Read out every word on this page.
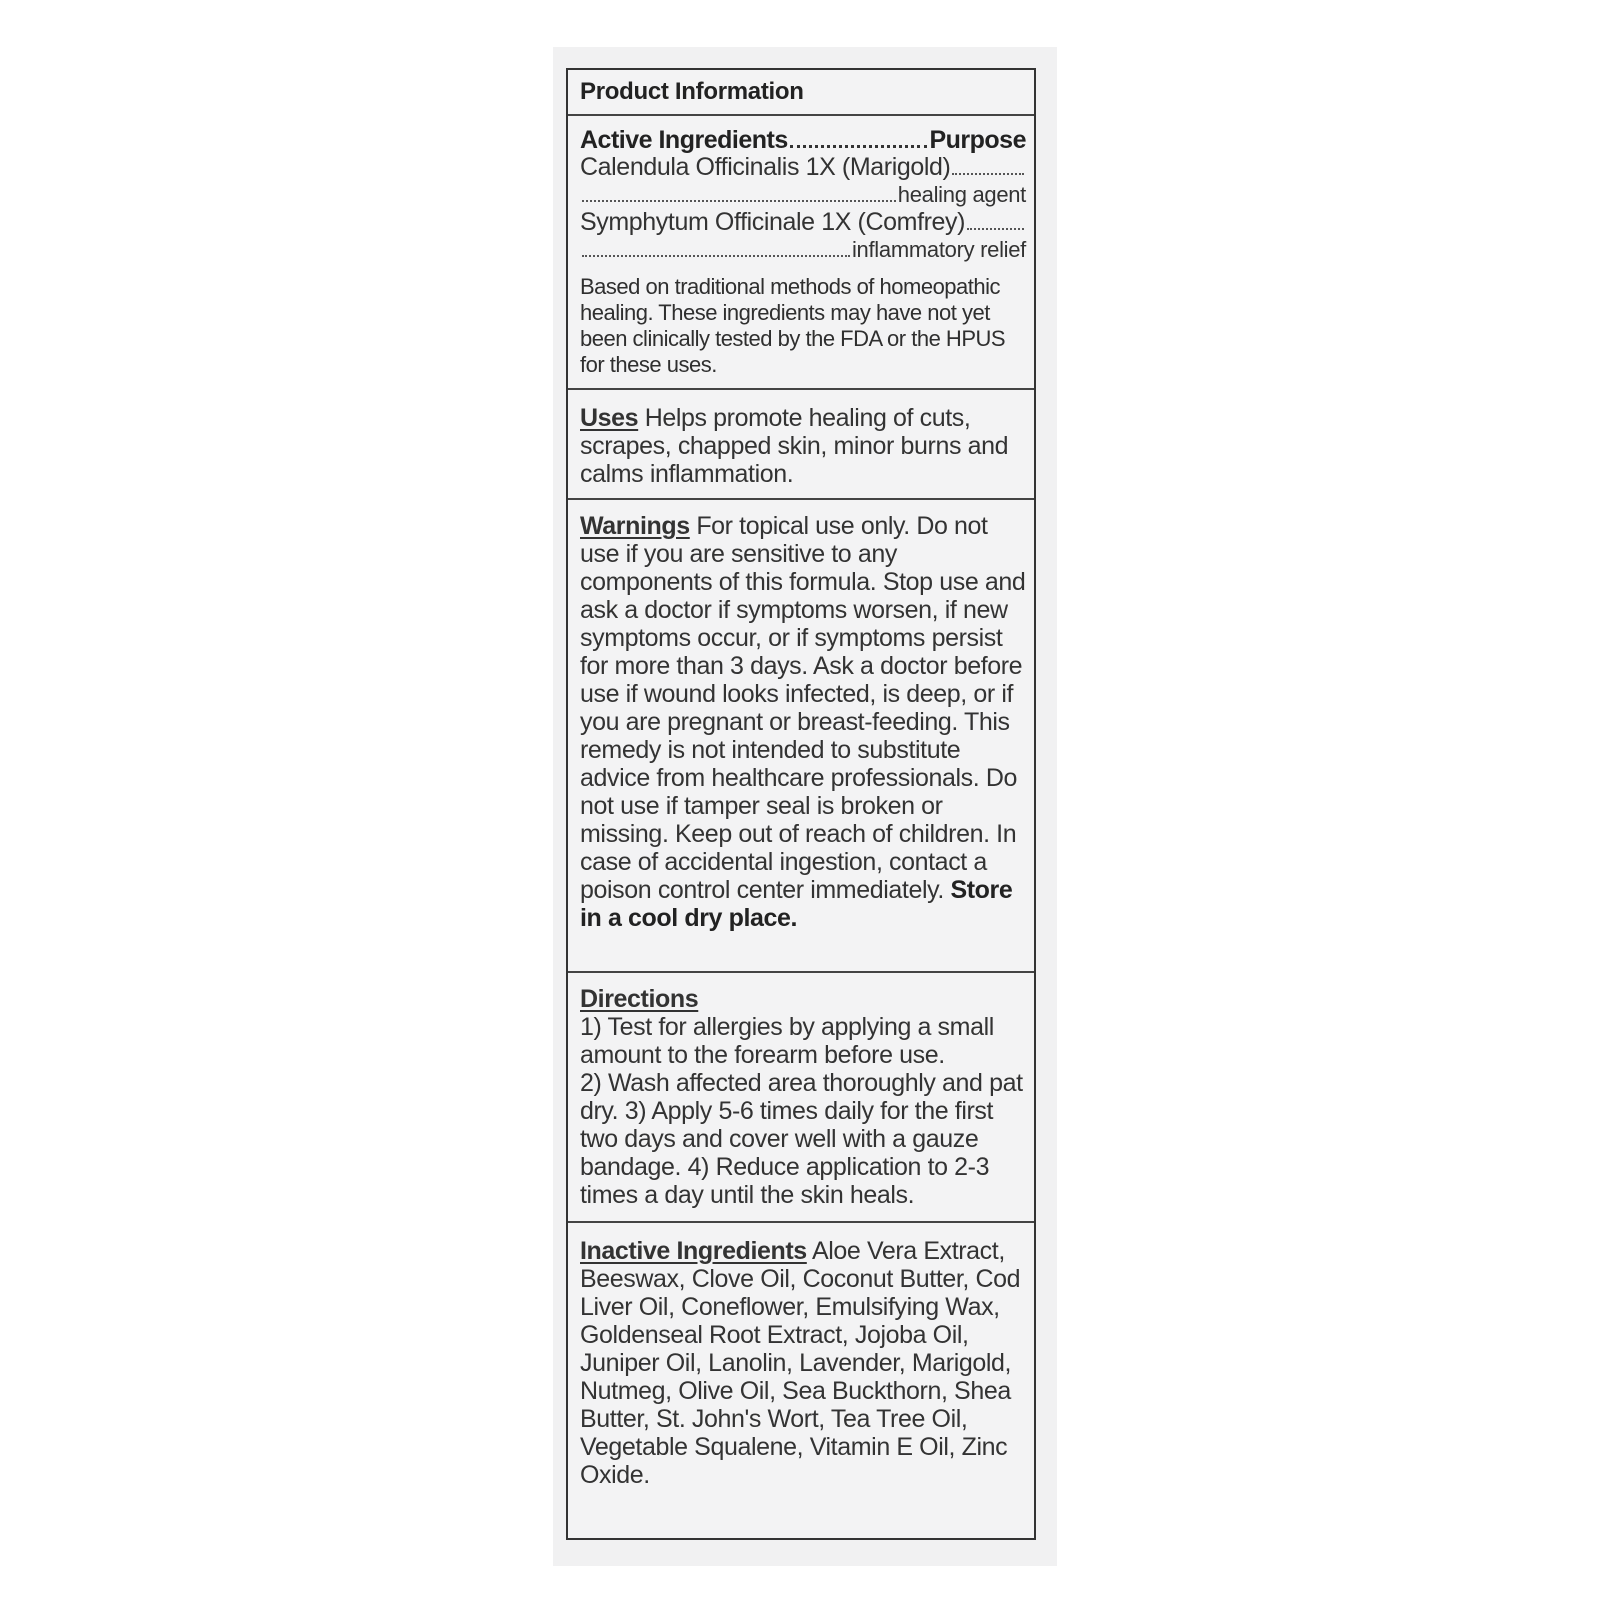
Product Information
Active Ingredients	Purpose
Calendula Officinalis 1X (Marigold)
healing agent
Symphytum Officinale 1X (Comfrey)
inflammatory relief
Based on traditional methods of homeopathic healing. These ingredients may have not yet been clinically tested by the FDA or the HPUS for these uses.
Uses Helps promote healing of cuts, scrapes, chapped skin, minor burns and calms inflammation.
Warnings For topical use only. Do not use if you are sensitive to any components of this formula. Stop use and ask a doctor if symptoms worsen, if new symptoms occur, or if symptoms persist for more than 3 days. Ask a doctor before use if wound looks infected, is deep, or if you are pregnant or breast-feeding. This remedy is not intended to substitute advice from healthcare professionals. Do not use if tamper seal is broken or missing. Keep out of reach of children. In case of accidental ingestion, contact a poison control center immediately. Store in a cool dry place.
Directions
1) Test for allergies by applying a small amount to the forearm before use.
2) Wash affected area thoroughly and pat dry. 3) Apply 5-6 times daily for the first two days and cover well with a gauze bandage. 4) Reduce application to 2-3 times a day until the skin heals.
Inactive Ingredients Aloe Vera Extract, Beeswax, Clove Oil, Coconut Butter, Cod Liver Oil, Coneflower, Emulsifying Wax, Goldenseal Root Extract, Jojoba Oil, Juniper Oil, Lanolin, Lavender, Marigold, Nutmeg, Olive Oil, Sea Buckthorn, Shea Butter, St. John's Wort, Tea Tree Oil, Vegetable Squalene, Vitamin E Oil, Zinc Oxide.
